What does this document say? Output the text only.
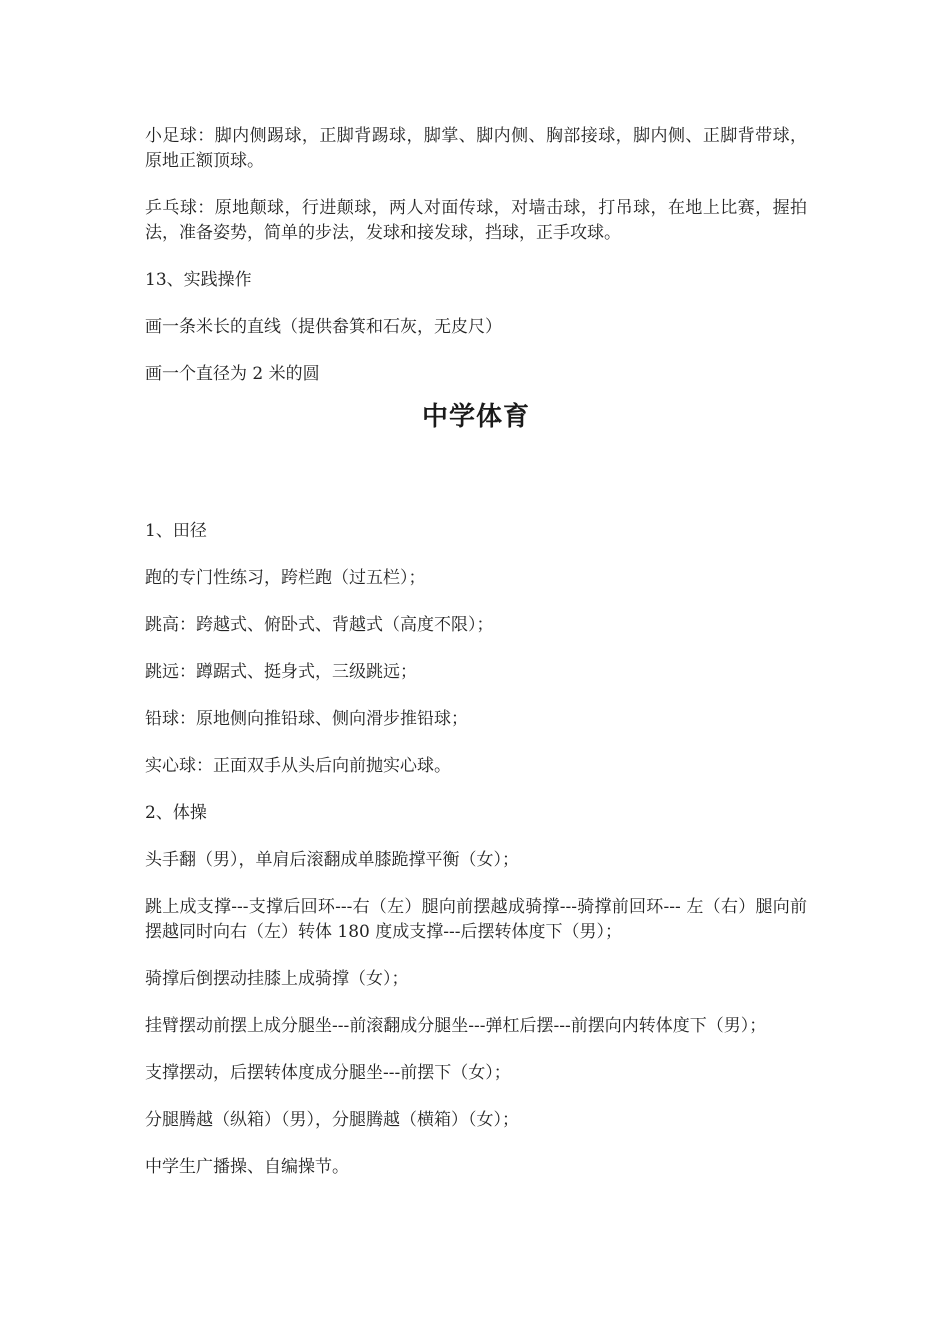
小足球：脚内侧踢球，正脚背踢球，脚掌、脚内侧、胸部接球，脚内侧、正脚背带球，原地正额顶球。

乒乓球：原地颠球，行进颠球，两人对面传球，对墙击球，打吊球，在地上比赛，握拍法，准备姿势，简单的步法，发球和接发球，挡球，正手攻球。

13、实践操作

画一条米长的直线（提供畚箕和石灰，无皮尺）

画一个直径为 2 米的圆

中学体育

1、田径

跑的专门性练习，跨栏跑（过五栏）；

跳高：跨越式、俯卧式、背越式（高度不限）；

跳远：蹲踞式、挺身式，三级跳远；

铅球：原地侧向推铅球、侧向滑步推铅球；

实心球：正面双手从头后向前抛实心球。

2、体操

头手翻（男），单肩后滚翻成单膝跪撑平衡（女）；

跳上成支撑---支撑后回环---右（左）腿向前摆越成骑撑---骑撑前回环--- 左（右）腿向前摆越同时向右（左）转体 180 度成支撑---后摆转体度下（男）；

骑撑后倒摆动挂膝上成骑撑（女）；

挂臂摆动前摆上成分腿坐---前滚翻成分腿坐---弹杠后摆---前摆向内转体度下（男）；

支撑摆动，后摆转体度成分腿坐---前摆下（女）；

分腿腾越（纵箱）（男），分腿腾越（横箱）（女）；

中学生广播操、自编操节。
